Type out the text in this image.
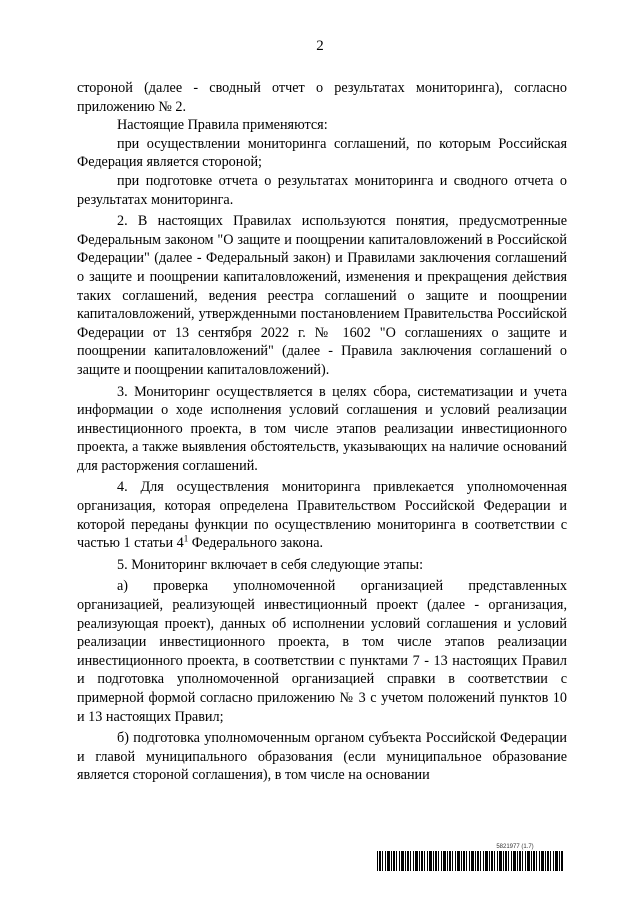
2

стороной (далее - сводный отчет о результатах мониторинга), согласно приложению № 2.

Настоящие Правила применяются:

при осуществлении мониторинга соглашений, по которым Российская Федерация является стороной;

при подготовке отчета о результатах мониторинга и сводного отчета о результатах мониторинга.

2. В настоящих Правилах используются понятия, предусмотренные Федеральным законом "О защите и поощрении капиталовложений в Российской Федерации" (далее - Федеральный закон) и Правилами заключения соглашений о защите и поощрении капиталовложений, изменения и прекращения действия таких соглашений, ведения реестра соглашений о защите и поощрении капиталовложений, утвержденными постановлением Правительства Российской Федерации от 13 сентября 2022 г. № 1602 "О соглашениях о защите и поощрении капиталовложений" (далее - Правила заключения соглашений о защите и поощрении капиталовложений).

3. Мониторинг осуществляется в целях сбора, систематизации и учета информации о ходе исполнения условий соглашения и условий реализации инвестиционного проекта, в том числе этапов реализации инвестиционного проекта, а также выявления обстоятельств, указывающих на наличие оснований для расторжения соглашений.

4. Для осуществления мониторинга привлекается уполномоченная организация, которая определена Правительством Российской Федерации и которой переданы функции по осуществлению мониторинга в соответствии с частью 1 статьи $4^1$ Федерального закона.

5. Мониторинг включает в себя следующие этапы:

а) проверка уполномоченной организацией представленных организацией, реализующей инвестиционный проект (далее - организация, реализующая проект), данных об исполнении условий соглашения и условий реализации инвестиционного проекта, в том числе этапов реализации инвестиционного проекта, в соответствии с пунктами 7 - 13 настоящих Правил и подготовка уполномоченной организацией справки в соответствии с примерной формой согласно приложению № 3 с учетом положений пунктов 10 и 13 настоящих Правил;

б) подготовка уполномоченным органом субъекта Российской Федерации и главой муниципального образования (если муниципальное образование является стороной соглашения), в том числе на основании

5821977 (1.7)
